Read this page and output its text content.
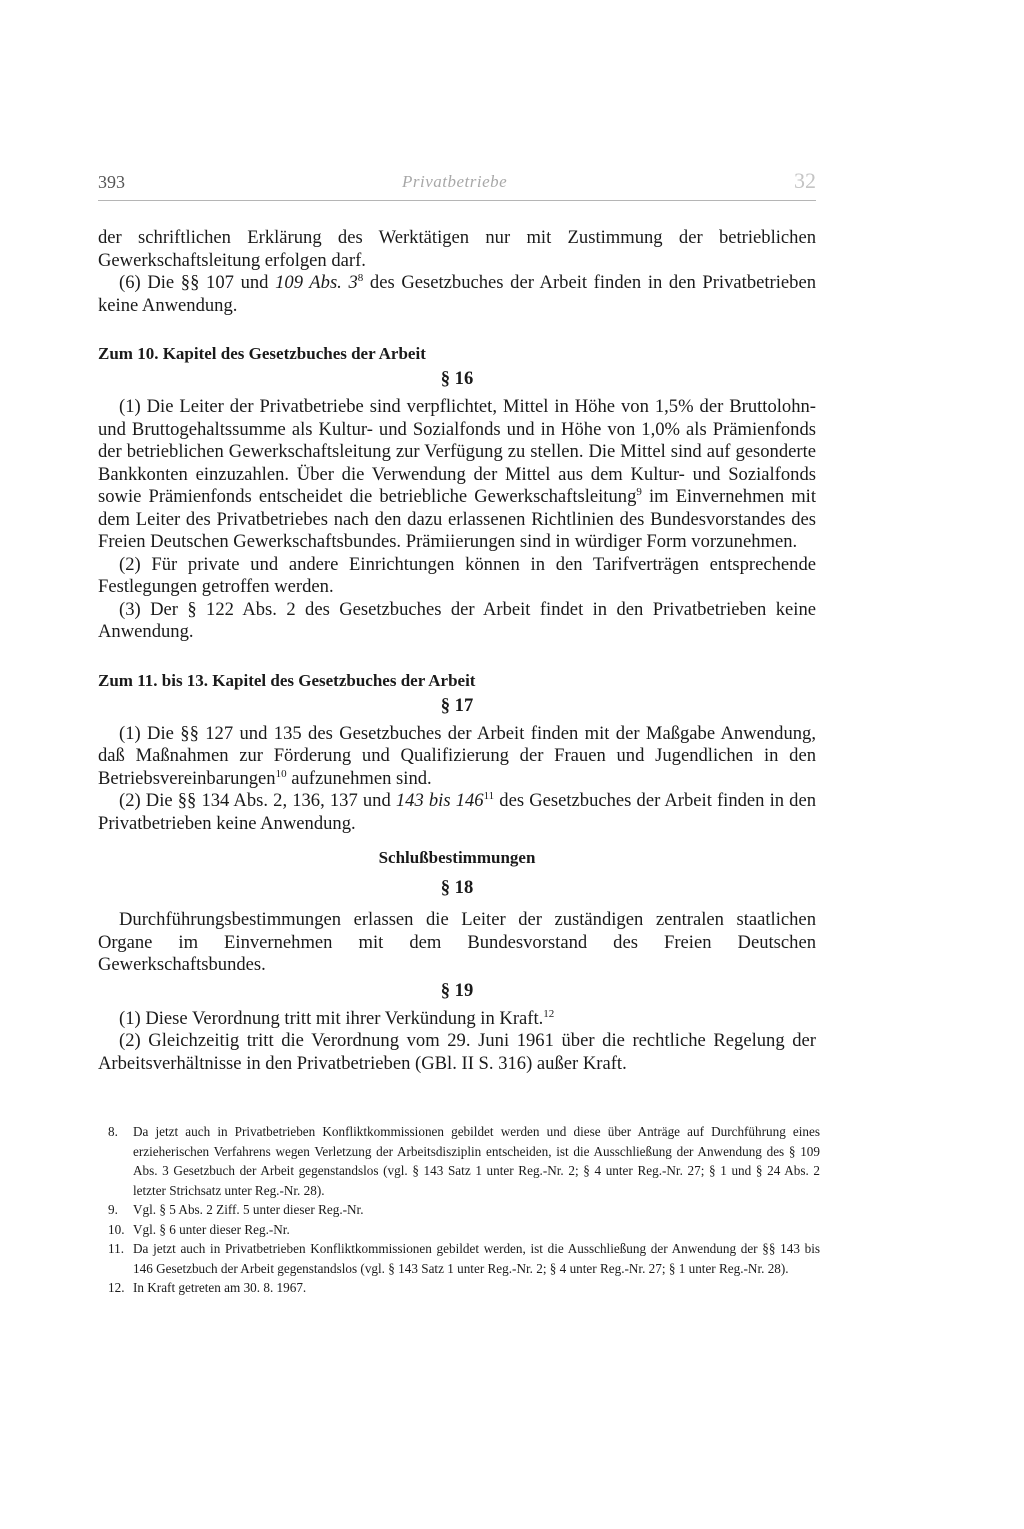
393	Privatbetriebe	32

der schriftlichen Erklärung des Werktätigen nur mit Zustimmung der betrieblichen Gewerkschaftsleitung erfolgen darf.

(6) Die §§ 107 und 109 Abs. $3^8$ des Gesetzbuches der Arbeit finden in den Privatbetrieben keine Anwendung.

Zum 10. Kapitel des Gesetzbuches der Arbeit

§ 16

(1) Die Leiter der Privatbetriebe sind verpflichtet, Mittel in Höhe von 1,5% der Bruttolohn- und Bruttogehaltssumme als Kultur- und Sozialfonds und in Höhe von 1,0% als Prämienfonds der betrieblichen Gewerkschaftsleitung zur Verfügung zu stellen. Die Mittel sind auf gesonderte Bankkonten einzuzahlen. Über die Verwendung der Mittel aus dem Kultur- und Sozialfonds sowie Prämienfonds entscheidet die betriebliche Gewerkschaftsleitung$^9$ im Einvernehmen mit dem Leiter des Privatbetriebes nach den dazu erlassenen Richtlinien des Bundesvorstandes des Freien Deutschen Gewerkschaftsbundes. Prämiierungen sind in würdiger Form vorzunehmen.

(2) Für private und andere Einrichtungen können in den Tarifverträgen entsprechende Festlegungen getroffen werden.

(3) Der § 122 Abs. 2 des Gesetzbuches der Arbeit findet in den Privatbetrieben keine Anwendung.

Zum 11. bis 13. Kapitel des Gesetzbuches der Arbeit

§ 17

(1) Die §§ 127 und 135 des Gesetzbuches der Arbeit finden mit der Maßgabe Anwendung, daß Maßnahmen zur Förderung und Qualifizierung der Frauen und Jugendlichen in den Betriebsvereinbarungen$^{10}$ aufzunehmen sind.

(2) Die §§ 134 Abs. 2, 136, 137 und 143 bis $146^{11}$ des Gesetzbuches der Arbeit finden in den Privatbetrieben keine Anwendung.

Schlußbestimmungen

§ 18

Durchführungsbestimmungen erlassen die Leiter der zuständigen zentralen staatlichen Organe im Einvernehmen mit dem Bundesvorstand des Freien Deutschen Gewerkschaftsbundes.

§ 19

(1) Diese Verordnung tritt mit ihrer Verkündung in Kraft.$^{12}$

(2) Gleichzeitig tritt die Verordnung vom 29. Juni 1961 über die rechtliche Regelung der Arbeitsverhältnisse in den Privatbetrieben (GBl. II S. 316) außer Kraft.

8.	Da jetzt auch in Privatbetrieben Konfliktkommissionen gebildet werden und diese über Anträge auf Durchführung eines erzieherischen Verfahrens wegen Verletzung der Arbeitsdisziplin entscheiden, ist die Ausschließung der Anwendung des § 109 Abs. 3 Gesetzbuch der Arbeit gegenstandslos (vgl. § 143 Satz 1 unter Reg.-Nr. 2; § 4 unter Reg.-Nr. 27; § 1 und § 24 Abs. 2 letzter Strichsatz unter Reg.-Nr. 28).
9.	Vgl. § 5 Abs. 2 Ziff. 5 unter dieser Reg.-Nr.
10. Vgl. § 6 unter dieser Reg.-Nr.
11. Da jetzt auch in Privatbetrieben Konfliktkommissionen gebildet werden, ist die Ausschließung der Anwendung der §§ 143 bis 146 Gesetzbuch der Arbeit gegenstandslos (vgl. § 143 Satz 1 unter Reg.-Nr. 2; § 4 unter Reg.-Nr. 27; § 1 unter Reg.-Nr. 28).
12. In Kraft getreten am 30. 8. 1967.
